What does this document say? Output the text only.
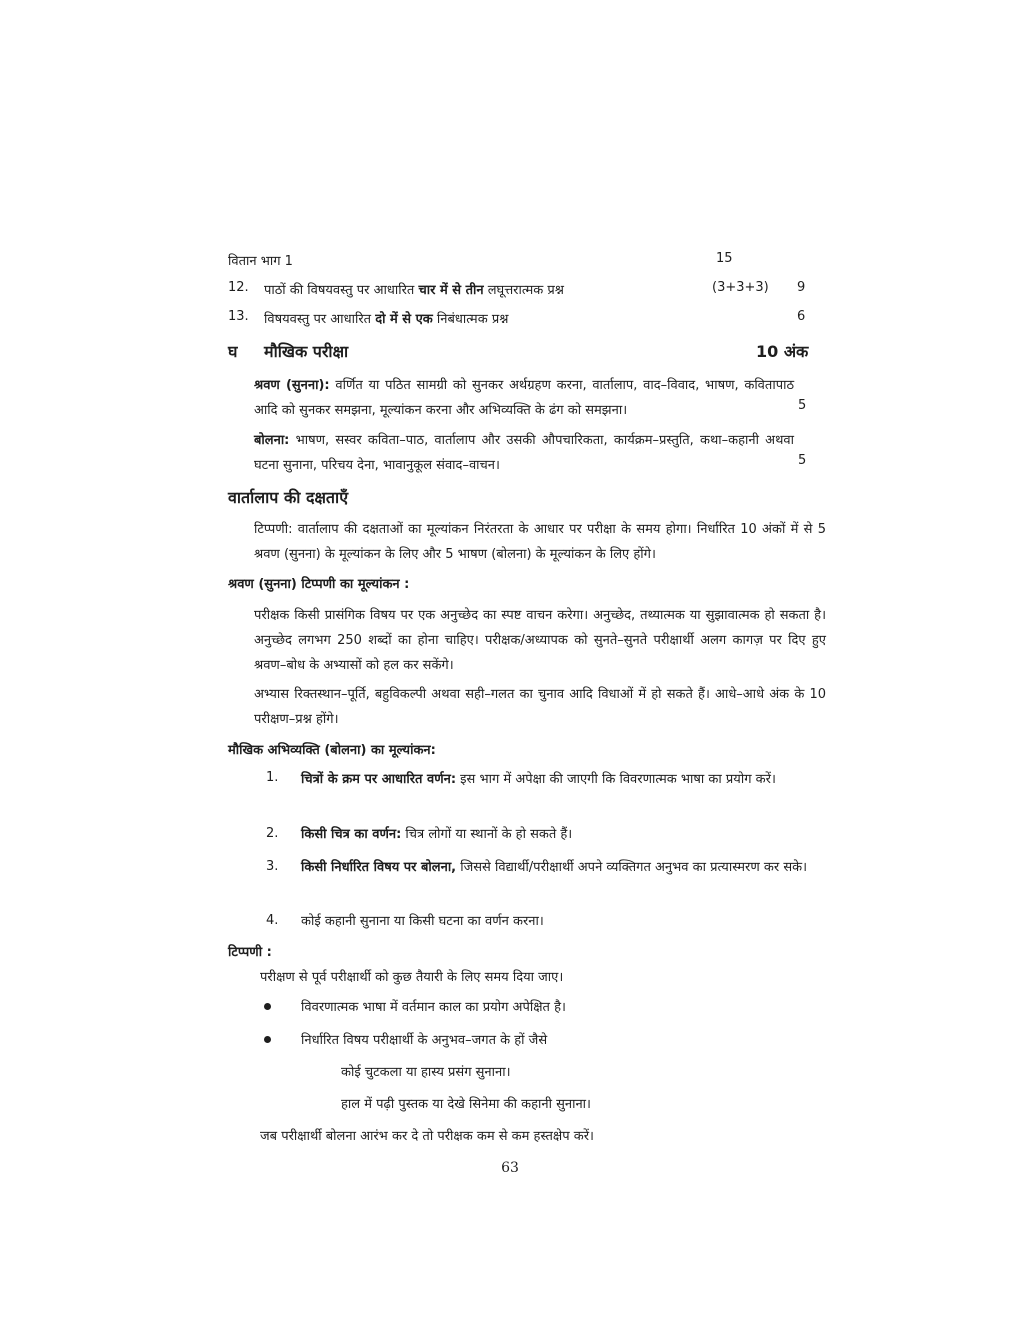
वितान भाग 1	15
12. पाठों की विषयवस्तु पर आधारित चार में से तीन लघूत्तरात्मक प्रश्न	(3+3+3) 9
13. विषयवस्तु पर आधारित दो में से एक निबंधात्मक प्रश्न	6
घ मौखिक परीक्षा	10 अंक
श्रवण (सुनना): वर्णित या पठित सामग्री को सुनकर अर्थग्रहण करना, वार्तालाप, वाद–विवाद, भाषण, कवितापाठ आदि को सुनकर समझना, मूल्यांकन करना और अभिव्यक्ति के ढंग को समझना।	5
बोलना: भाषण, सस्वर कविता–पाठ, वार्तालाप और उसकी औपचारिकता, कार्यक्रम–प्रस्तुति, कथा–कहानी अथवा घटना सुनाना, परिचय देना, भावानुकूल संवाद–वाचन।	5
वार्तालाप की दक्षताएँ
टिप्पणी: वार्तालाप की दक्षताओं का मूल्यांकन निरंतरता के आधार पर परीक्षा के समय होगा। निर्धारित 10 अंकों में से 5 श्रवण (सुनना) के मूल्यांकन के लिए और 5 भाषण (बोलना) के मूल्यांकन के लिए होंगे।
श्रवण (सुनना) टिप्पणी का मूल्यांकन :
परीक्षक किसी प्रासंगिक विषय पर एक अनुच्छेद का स्पष्ट वाचन करेगा। अनुच्छेद, तथ्यात्मक या सुझावात्मक हो सकता है। अनुच्छेद लगभग 250 शब्दों का होना चाहिए। परीक्षक/अध्यापक को सुनते–सुनते परीक्षार्थी अलग कागज़ पर दिए हुए श्रवण–बोध के अभ्यासों को हल कर सकेंगे।
अभ्यास रिक्तस्थान–पूर्ति, बहुविकल्पी अथवा सही–गलत का चुनाव आदि विधाओं में हो सकते हैं। आधे–आधे अंक के 10 परीक्षण–प्रश्न होंगे।
मौखिक अभिव्यक्ति (बोलना) का मूल्यांकन:
1. चित्रों के क्रम पर आधारित वर्णन: इस भाग में अपेक्षा की जाएगी कि विवरणात्मक भाषा का प्रयोग करें।
2. किसी चित्र का वर्णन: चित्र लोगों या स्थानों के हो सकते हैं।
3. किसी निर्धारित विषय पर बोलना, जिससे विद्यार्थी/परीक्षार्थी अपने व्यक्तिगत अनुभव का प्रत्यास्मरण कर सके।
4. कोई कहानी सुनाना या किसी घटना का वर्णन करना।
टिप्पणी :
परीक्षण से पूर्व परीक्षार्थी को कुछ तैयारी के लिए समय दिया जाए।
विवरणात्मक भाषा में वर्तमान काल का प्रयोग अपेक्षित है।
निर्धारित विषय परीक्षार्थी के अनुभव–जगत के हों जैसे
कोई चुटकला या हास्य प्रसंग सुनाना।
हाल में पढ़ी पुस्तक या देखे सिनेमा की कहानी सुनाना।
जब परीक्षार्थी बोलना आरंभ कर दे तो परीक्षक कम से कम हस्तक्षेप करें।
63
